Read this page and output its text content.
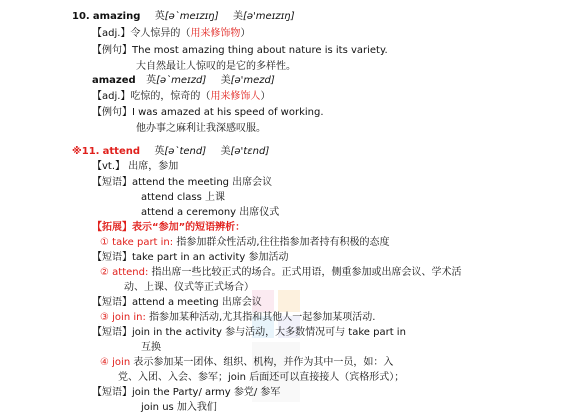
10. amazing 英[ə`meɪzɪŋ] 美[ə'meɪzɪŋ]
【adj.】令人惊异的（用来修饰物）
【例句】The most amazing thing about nature is its variety.
大自然最让人惊叹的是它的多样性。
amazed 英[ə`meɪzd] 美[ə'mezd]
【adj.】吃惊的，惊奇的（用来修饰人）
【例句】I was amazed at his speed of working.
他办事之麻利让我深感叹服。
※11. attend 英[ə`tend] 美[ə'tɛnd]
【vt.】 出席，参加
【短语】attend the meeting 出席会议
attend class 上课
attend a ceremony 出席仪式
【拓展】表示“参加”的短语辨析：
① take part in: 指参加群众性活动,往往指参加者持有积极的态度
【短语】take part in an activity 参加活动
② attend: 指出席一些比较正式的场合。正式用语，侧重参加或出席会议、学术活
动、上课、仪式等正式场合）
【短语】attend a meeting 出席会议
③ join in: 指参加某种活动,尤其指和其他人一起参加某项活动.
【短语】join in the activity 参与活动，大多数情况可与 take part in
互换
④ join 表示参加某一团体、组织、机构，并作为其中一员，如：入
党、入团、入会、参军；join 后面还可以直接接人（宾格形式）；
【短语】join the Party/ army 参党/ 参军
join us 加入我们
